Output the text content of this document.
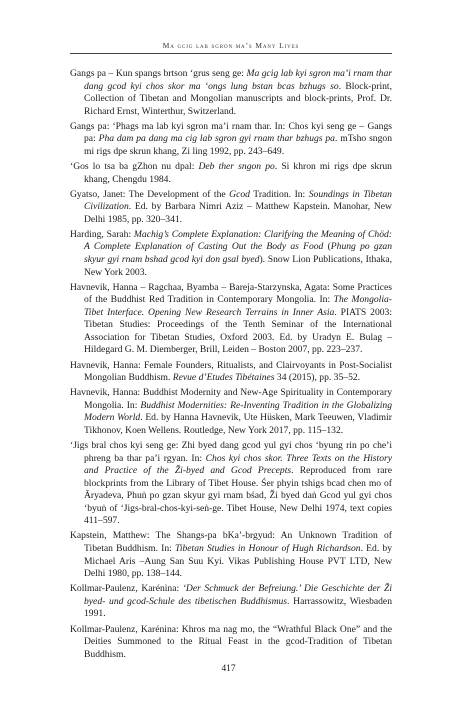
Ma gcig lab sgron ma’s Many Lives
Gangs pa – Kun spangs brtson ‘grus seng ge: Ma gcig lab kyi sgron ma’i rnam thar dang gcod kyi chos skor ma ‘ongs lung bstan bcas bzhugs so. Block-print, Collection of Tibetan and Mongolian manuscripts and block-prints, Prof. Dr. Richard Ernst, Winterthur, Switzerland.
Gangs pa: ‘Phags ma lab kyi sgron ma’i rnam thar. In: Chos kyi seng ge – Gangs pa: Pha dam pa dang ma cig lab sgron gyi rnam thar bzhugs pa. mTsho sngon mi rigs dpe skrun khang, Zi ling 1992, pp. 243–649.
‘Gos lo tsa ba gZhon nu dpal: Deb ther sngon po. Si khron mi rigs dpe skrun khang, Chengdu 1984.
Gyatso, Janet: The Development of the Gcod Tradition. In: Soundings in Tibetan Civilization. Ed. by Barbara Nimri Aziz – Matthew Kapstein. Manohar, New Delhi 1985, pp. 320–341.
Harding, Sarah: Machig’s Complete Explanation: Clarifying the Meaning of Chöd: A Complete Explanation of Casting Out the Body as Food (Phung po gzan skyur gyi rnam bshad gcod kyi don gsal byed). Snow Lion Publications, Ithaka, New York 2003.
Havnevik, Hanna – Ragchaa, Byamba – Bareja-Starzynska, Agata: Some Practices of the Buddhist Red Tradition in Contemporary Mongolia. In: The Mongolia-Tibet Interface. Opening New Research Terrains in Inner Asia. PIATS 2003: Tibetan Studies: Proceedings of the Tenth Seminar of the International Association for Tibetan Studies, Oxford 2003. Ed. by Uradyn E. Bulag – Hildegard G. M. Diemberger, Brill, Leiden – Boston 2007, pp. 223–237.
Havnevik, Hanna: Female Founders, Ritualists, and Clairvoyants in Post-Socialist Mongolian Buddhism. Revue d’Etudes Tibétaines 34 (2015), pp. 35–52.
Havnevik, Hanna: Buddhist Modernity and New-Age Spirituality in Contemporary Mongolia. In: Buddhist Modernities: Re-Inventing Tradition in the Globalizing Modern World. Ed. by Hanna Havnevik, Ute Hüsken, Mark Teeuwen, Vladimir Tikhonov, Koen Wellens. Routledge, New York 2017, pp. 115–132.
‘Jigs bral chos kyi seng ge: Zhi byed dang gcod yul gyi chos ‘byung rin po che’i phreng ba thar pa’i rgyan. In: Chos kyi chos skor. Three Texts on the History and Practice of the Ži-byed and Gcod Precepts. Reproduced from rare blockprints from the Library of Tibet House. Śer phyin tshigs bcad chen mo of Āryadeva, Phuṅ po gzan skyur gyi rnam bśad, Ži byed daṅ Gcod yul gyi chos ‘byuṅ of ‘Jigs-bral-chos-kyi-seṅ-ge. Tibet House, New Delhi 1974, text copies 411–597.
Kapstein, Matthew: The Shangs-pa bKa’-brgyud: An Unknown Tradition of Tibetan Buddhism. In: Tibetan Studies in Honour of Hugh Richardson. Ed. by Michael Aris –Aung San Suu Kyi. Vikas Publishing House PVT LTD, New Delhi 1980, pp. 138–144.
Kollmar-Paulenz, Karénina: ‘Der Schmuck der Befreiung.’ Die Geschichte der Ži byed- und gcod-Schule des tibetischen Buddhismus. Harrassowitz, Wiesbaden 1991.
Kollmar-Paulenz, Karénina: Khros ma nag mo, the “Wrathful Black One” and the Deities Summoned to the Ritual Feast in the gcod-Tradition of Tibetan Buddhism.
417
